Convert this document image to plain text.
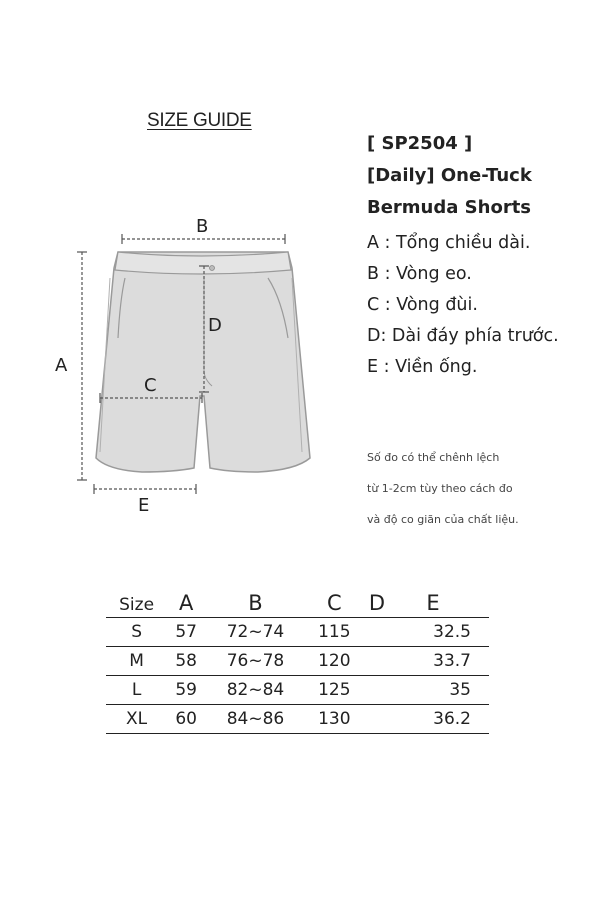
SIZE GUIDE
[ SP2504 ]
[Daily] One-Tuck
Bermuda Shorts
A : Tổng chiều dài.
B : Vòng eo.
C : Vòng đùi.
D: Dài đáy phía trước.
E : Viền ống.
Số đo có thể chênh lệch
từ 1-2cm tùy theo cách đo
và độ co giãn của chất liệu.
B
A
D
C
E
Size	A	B	C	D	E
S	57	72~74	115		32.5
M	58	76~78	120		33.7
L	59	82~84	125		35
XL	60	84~86	130		36.2
